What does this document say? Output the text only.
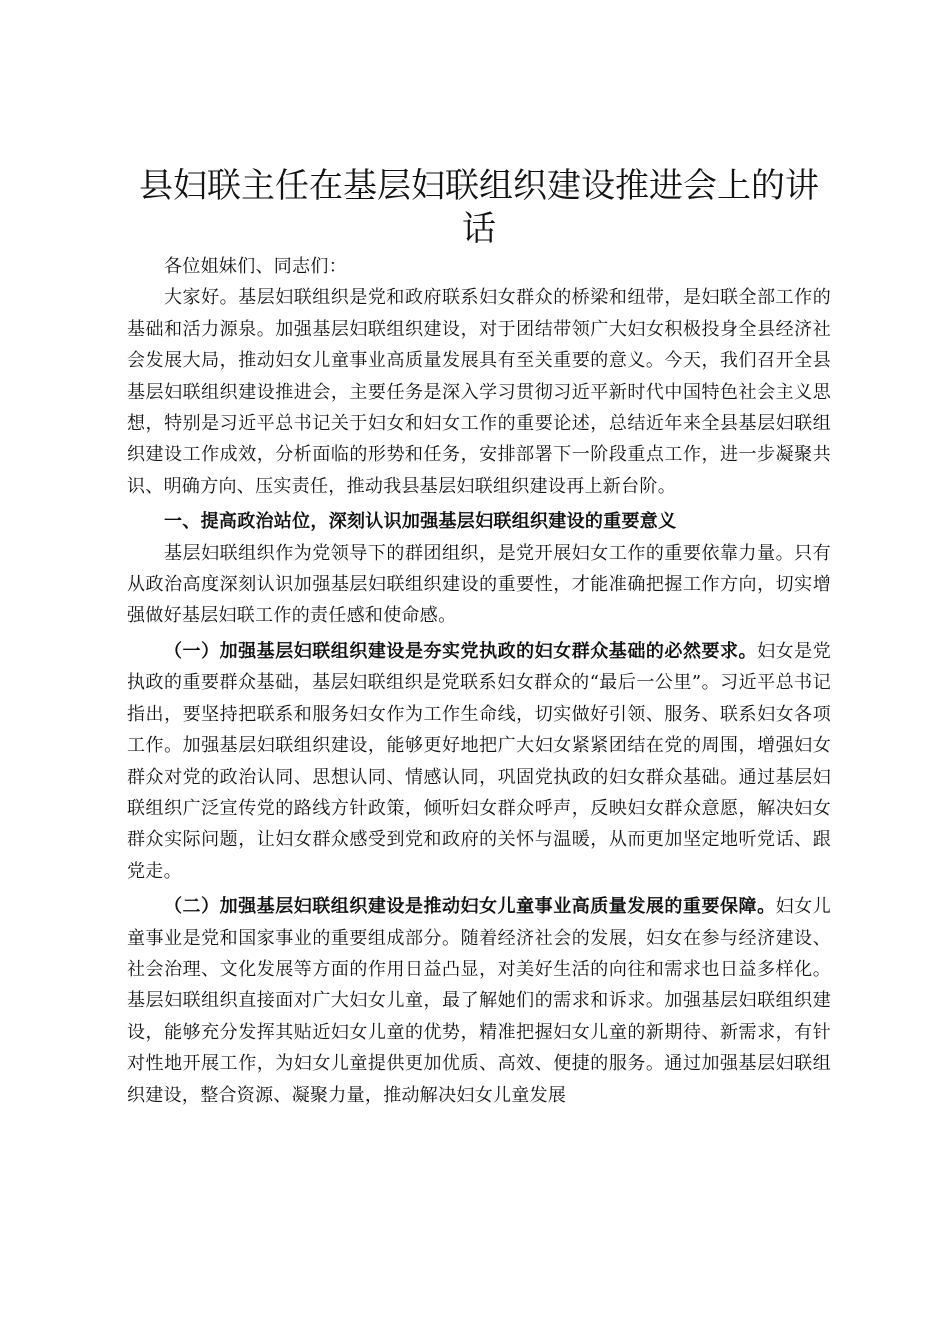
县妇联主任在基层妇联组织建设推进会上的讲话

各位姐妹们、同志们：

大家好。基层妇联组织是党和政府联系妇女群众的桥梁和纽带，是妇联全部工作的基础和活力源泉。加强基层妇联组织建设，对于团结带领广大妇女积极投身全县经济社会发展大局，推动妇女儿童事业高质量发展具有至关重要的意义。今天，我们召开全县基层妇联组织建设推进会，主要任务是深入学习贯彻习近平新时代中国特色社会主义思想，特别是习近平总书记关于妇女和妇女工作的重要论述，总结近年来全县基层妇联组织建设工作成效，分析面临的形势和任务，安排部署下一阶段重点工作，进一步凝聚共识、明确方向、压实责任，推动我县基层妇联组织建设再上新台阶。

一、提高政治站位，深刻认识加强基层妇联组织建设的重要意义

基层妇联组织作为党领导下的群团组织，是党开展妇女工作的重要依靠力量。只有从政治高度深刻认识加强基层妇联组织建设的重要性，才能准确把握工作方向，切实增强做好基层妇联工作的责任感和使命感。

（一）加强基层妇联组织建设是夯实党执政的妇女群众基础的必然要求。妇女是党执政的重要群众基础，基层妇联组织是党联系妇女群众的“最后一公里”。习近平总书记指出，要坚持把联系和服务妇女作为工作生命线，切实做好引领、服务、联系妇女各项工作。加强基层妇联组织建设，能够更好地把广大妇女紧紧团结在党的周围，增强妇女群众对党的政治认同、思想认同、情感认同，巩固党执政的妇女群众基础。通过基层妇联组织广泛宣传党的路线方针政策，倾听妇女群众呼声，反映妇女群众意愿，解决妇女群众实际问题，让妇女群众感受到党和政府的关怀与温暖，从而更加坚定地听党话、跟党走。

（二）加强基层妇联组织建设是推动妇女儿童事业高质量发展的重要保障。妇女儿童事业是党和国家事业的重要组成部分。随着经济社会的发展，妇女在参与经济建设、社会治理、文化发展等方面的作用日益凸显，对美好生活的向往和需求也日益多样化。基层妇联组织直接面对广大妇女儿童，最了解她们的需求和诉求。加强基层妇联组织建设，能够充分发挥其贴近妇女儿童的优势，精准把握妇女儿童的新期待、新需求，有针对性地开展工作，为妇女儿童提供更加优质、高效、便捷的服务。通过加强基层妇联组织建设，整合资源、凝聚力量，推动解决妇女儿童发展
